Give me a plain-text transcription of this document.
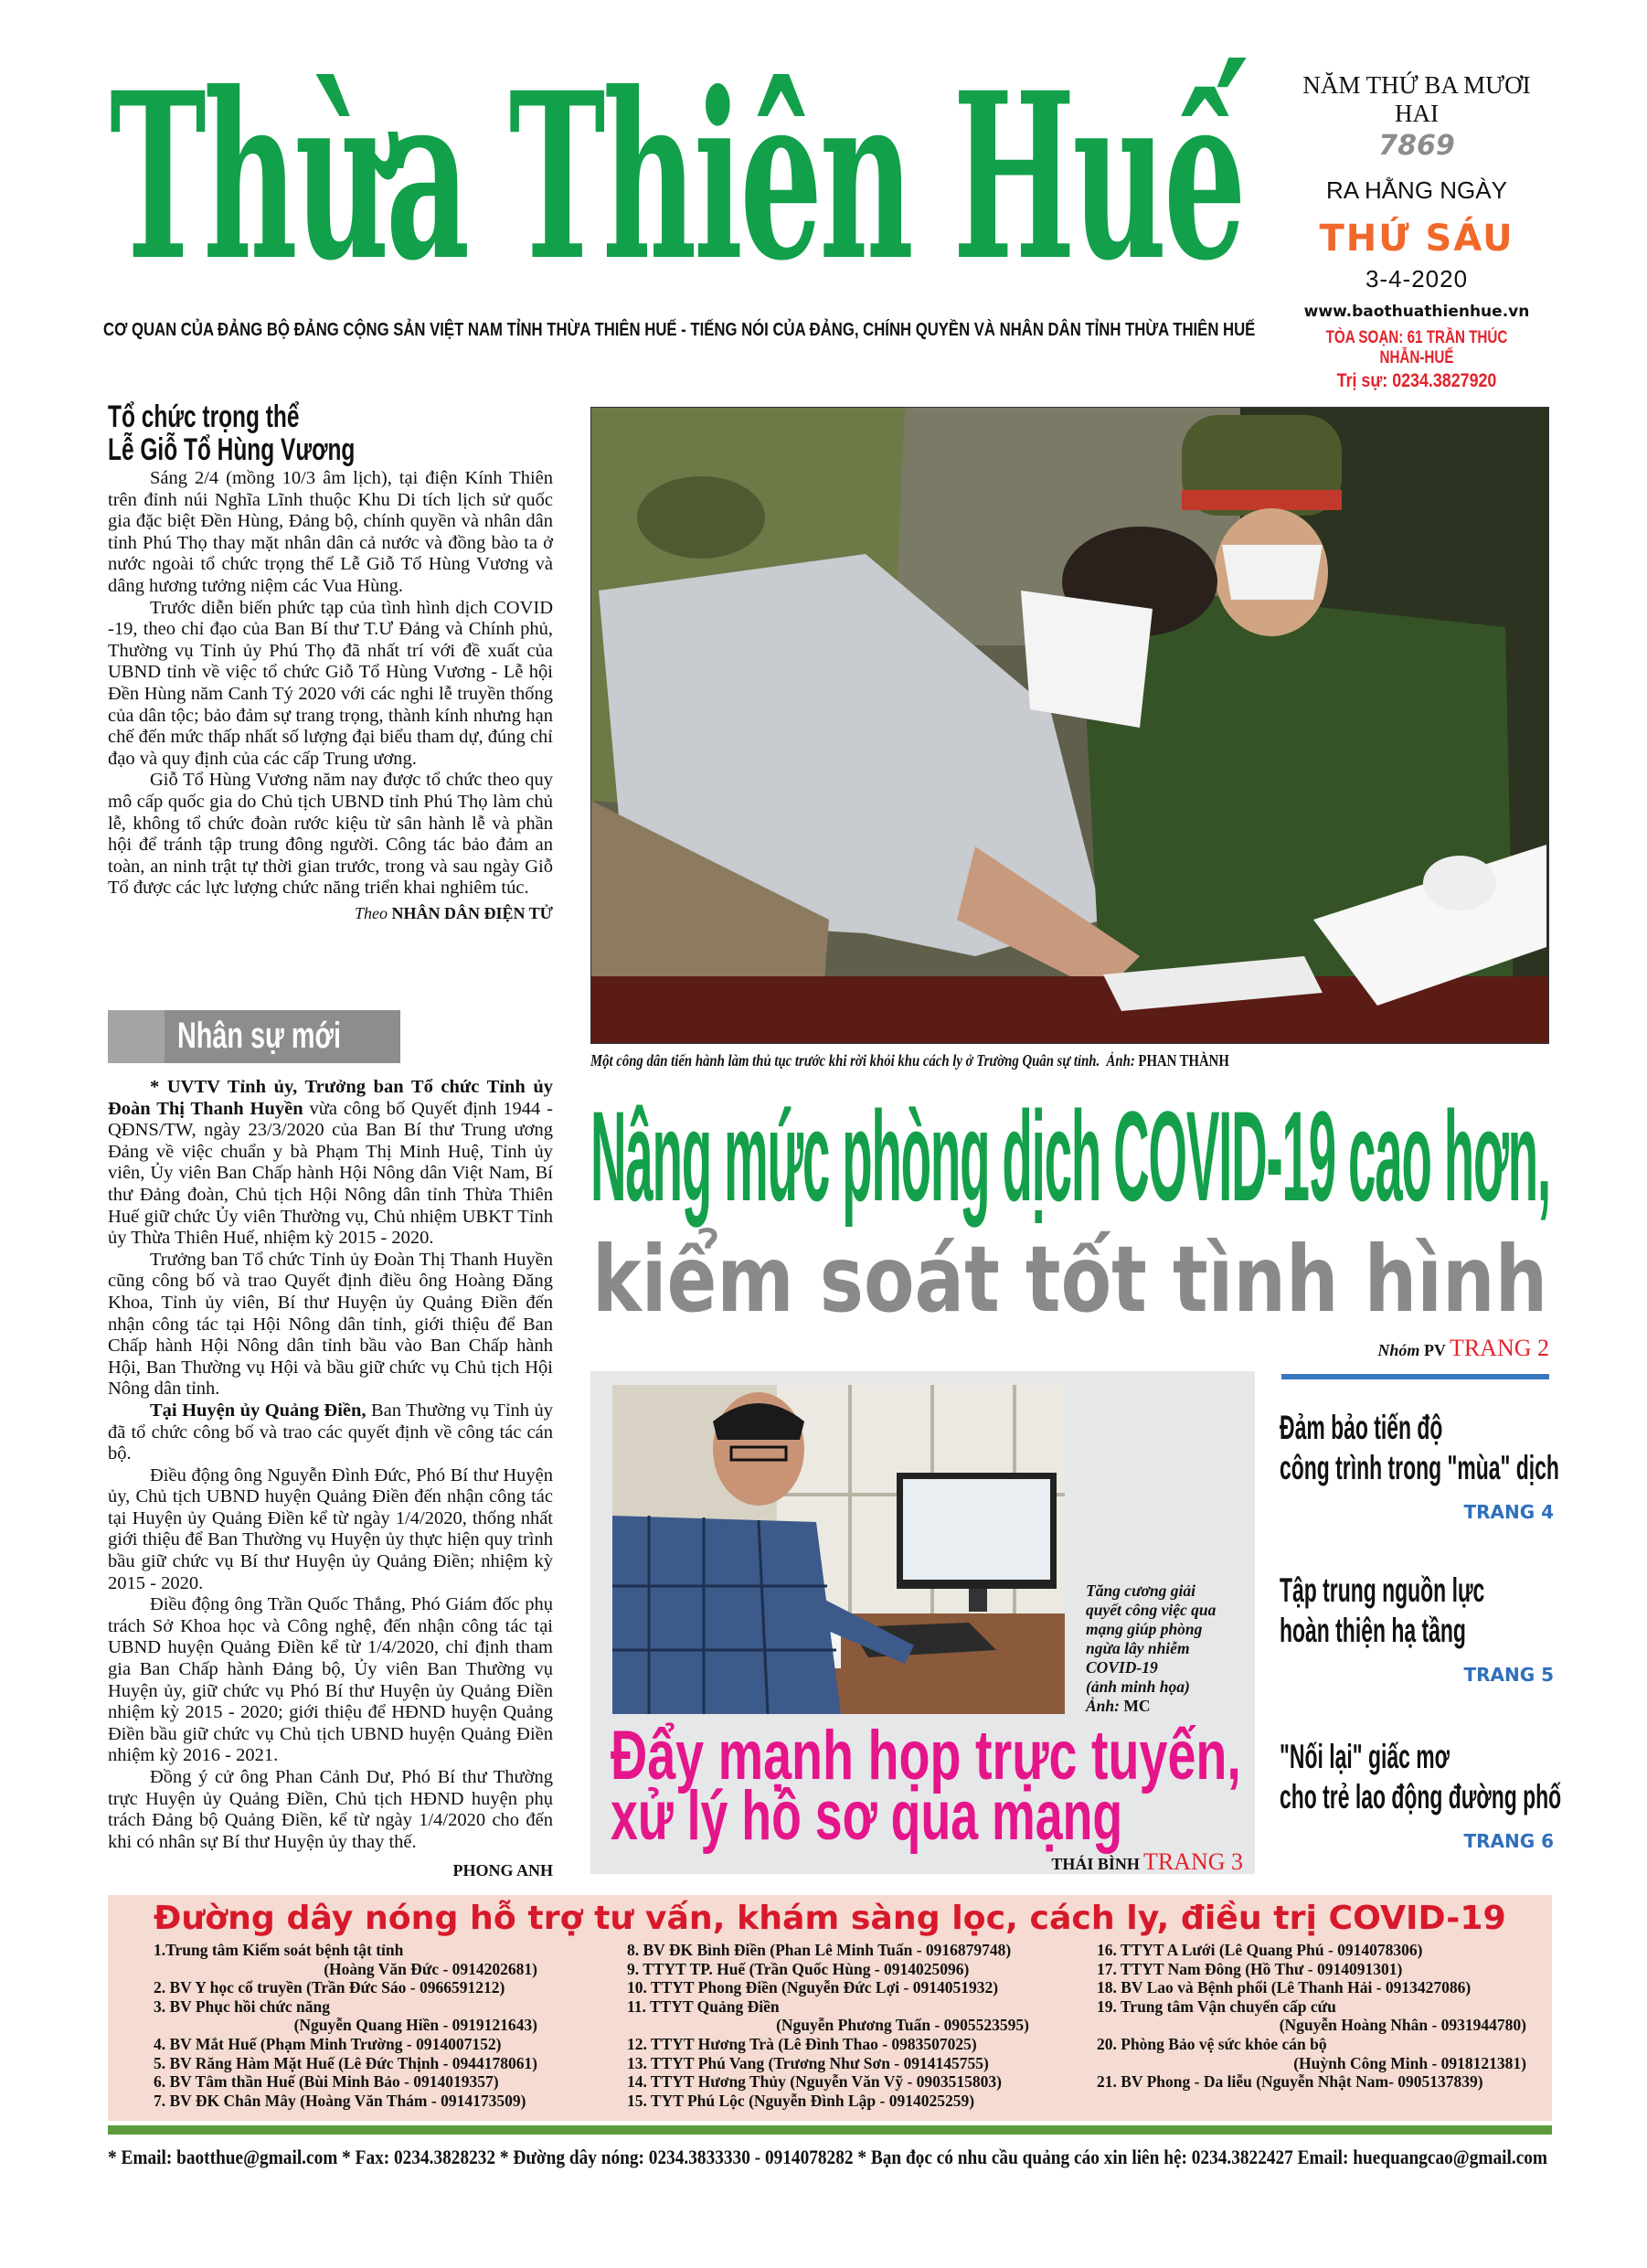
Thừa Thiên Huế	NĂM THỨ BA MƯƠI HAI
7869
RA HẰNG NGÀY
THỨ SÁU
3-4-2020
www.baothuathienhue.vn
TÒA SOẠN: 61 TRẦN THÚC NHẪN-HUẾ
Trị sự: 0234.3827920
CƠ QUAN CỦA ĐẢNG BỘ ĐẢNG CỘNG SẢN VIỆT NAM TỈNH THỪA THIÊN HUẾ - TIẾNG NÓI CỦA ĐẢNG, CHÍNH QUYỀN VÀ NHÂN DÂN TỈNH THỪA THIÊN HUẾ
Tổ chức trọng thể
Lễ Giỗ Tổ Hùng Vương

Sáng 2/4 (mồng 10/3 âm lịch), tại điện Kính Thiên trên đỉnh núi Nghĩa Lĩnh thuộc Khu Di tích lịch sử quốc gia đặc biệt Đền Hùng, Đảng bộ, chính quyền và nhân dân tỉnh Phú Thọ thay mặt nhân dân cả nước và đồng bào ta ở nước ngoài tổ chức trọng thể Lễ Giỗ Tổ Hùng Vương và dâng hương tưởng niệm các Vua Hùng.

Trước diễn biến phức tạp của tình hình dịch COVID -19, theo chỉ đạo của Ban Bí thư T.Ư Đảng và Chính phủ, Thường vụ Tỉnh ủy Phú Thọ đã nhất trí với đề xuất của UBND tỉnh về việc tổ chức Giỗ Tổ Hùng Vương - Lễ hội Đền Hùng năm Canh Tý 2020 với các nghi lễ truyền thống của dân tộc; bảo đảm sự trang trọng, thành kính nhưng hạn chế đến mức thấp nhất số lượng đại biểu tham dự, đúng chỉ đạo và quy định của các cấp Trung ương.

Giỗ Tổ Hùng Vương năm nay được tổ chức theo quy mô cấp quốc gia do Chủ tịch UBND tỉnh Phú Thọ làm chủ lễ, không tổ chức đoàn rước kiệu từ sân hành lễ và phần hội để tránh tập trung đông người. Công tác bảo đảm an toàn, an ninh trật tự thời gian trước, trong và sau ngày Giỗ Tổ được các lực lượng chức năng triển khai nghiêm túc.

Theo NHÂN DÂN ĐIỆN TỬ
Nhân sự mới

* UVTV Tỉnh ủy, Trưởng ban Tổ chức Tỉnh ủy Đoàn Thị Thanh Huyền vừa công bố Quyết định 1944 - QĐNS/TW, ngày 23/3/2020 của Ban Bí thư Trung ương Đảng về việc chuẩn y bà Phạm Thị Minh Huệ, Tỉnh ủy viên, Ủy viên Ban Chấp hành Hội Nông dân Việt Nam, Bí thư Đảng đoàn, Chủ tịch Hội Nông dân tỉnh Thừa Thiên Huế giữ chức Ủy viên Thường vụ, Chủ nhiệm UBKT Tỉnh ủy Thừa Thiên Huế, nhiệm kỳ 2015 - 2020.

Trưởng ban Tổ chức Tỉnh ủy Đoàn Thị Thanh Huyền cũng công bố và trao Quyết định điều ông Hoàng Đăng Khoa, Tỉnh ủy viên, Bí thư Huyện ủy Quảng Điền đến nhận công tác tại Hội Nông dân tỉnh, giới thiệu để Ban Chấp hành Hội Nông dân tỉnh bầu vào Ban Chấp hành Hội, Ban Thường vụ Hội và bầu giữ chức vụ Chủ tịch Hội Nông dân tỉnh.

Tại Huyện ủy Quảng Điền, Ban Thường vụ Tỉnh ủy đã tổ chức công bố và trao các quyết định về công tác cán bộ.

Điều động ông Nguyễn Đình Đức, Phó Bí thư Huyện ủy, Chủ tịch UBND huyện Quảng Điền đến nhận công tác tại Huyện ủy Quảng Điền kể từ ngày 1/4/2020, thống nhất giới thiệu để Ban Thường vụ Huyện ủy thực hiện quy trình bầu giữ chức vụ Bí thư Huyện ủy Quảng Điền; nhiệm kỳ 2015 - 2020.

Điều động ông Trần Quốc Thắng, Phó Giám đốc phụ trách Sở Khoa học và Công nghệ, đến nhận công tác tại UBND huyện Quảng Điền kể từ 1/4/2020, chỉ định tham gia Ban Chấp hành Đảng bộ, Ủy viên Ban Thường vụ Huyện ủy, giữ chức vụ Phó Bí thư Huyện ủy Quảng Điền nhiệm kỳ 2015 - 2020; giới thiệu để HĐND huyện Quảng Điền bầu giữ chức vụ Chủ tịch UBND huyện Quảng Điền nhiệm kỳ 2016 - 2021.

Đồng ý cử ông Phan Cảnh Dư, Phó Bí thư Thường trực Huyện ủy Quảng Điền, Chủ tịch HĐND huyện phụ trách Đảng bộ Quảng Điền, kể từ ngày 1/4/2020 cho đến khi có nhân sự Bí thư Huyện ủy thay thế.

PHONG ANH
Một công dân tiến hành làm thủ tục trước khi rời khỏi khu cách ly ở Trường Quân sự tỉnh. Ảnh: PHAN THÀNH
Nâng mức phòng dịch COVID-19 cao hơn,
kiểm soát tốt tình hình
Nhóm PV TRANG 2
Tăng cương giải
quyết công việc qua
mạng giúp phòng
ngừa lây nhiễm
COVID-19
(ảnh minh họa)
Ảnh: MC
Đẩy mạnh họp trực tuyến,
xử lý hồ sơ qua mạng
THÁI BÌNH TRANG 3
Đảm bảo tiến độ
công trình trong "mùa" dịch
TRANG 4
Tập trung nguồn lực
hoàn thiện hạ tầng
TRANG 5
"Nối lại" giấc mơ
cho trẻ lao động đường phố
TRANG 6
Đường dây nóng hỗ trợ tư vấn, khám sàng lọc, cách ly, điều trị COVID-19
1.Trung tâm Kiểm soát bệnh tật tỉnh
(Hoàng Văn Đức - 0914202681)
2. BV Y học cổ truyền (Trần Đức Sáo - 0966591212)
3. BV Phục hồi chức năng
(Nguyễn Quang Hiền - 0919121643)
4. BV Mắt Huế (Phạm Minh Trường - 0914007152)
5. BV Răng Hàm Mặt Huế (Lê Đức Thịnh - 0944178061)
6. BV Tâm thần Huế (Bùi Minh Bảo - 0914019357)
7. BV ĐK Chân Mây (Hoàng Văn Thám - 0914173509)
8. BV ĐK Bình Điền (Phan Lê Minh Tuấn - 0916879748)
9. TTYT TP. Huế (Trần Quốc Hùng - 0914025096)
10. TTYT Phong Điền (Nguyễn Đức Lợi - 0914051932)
11. TTYT Quảng Điền
(Nguyễn Phương Tuấn - 0905523595)
12. TTYT Hương Trà (Lê Đình Thao - 0983507025)
13. TTYT Phú Vang (Trương Như Sơn - 0914145755)
14. TTYT Hương Thủy (Nguyễn Văn Vỹ - 0903515803)
15. TYT Phú Lộc (Nguyễn Đình Lập - 0914025259)
16. TTYT A Lưới (Lê Quang Phú - 0914078306)
17. TTYT Nam Đông (Hồ Thư - 0914091301)
18. BV Lao và Bệnh phổi (Lê Thanh Hải - 0913427086)
19. Trung tâm Vận chuyển cấp cứu
(Nguyễn Hoàng Nhân - 0931944780)
20. Phòng Bảo vệ sức khỏe cán bộ
(Huỳnh Công Minh - 0918121381)
21. BV Phong - Da liễu (Nguyễn Nhật Nam- 0905137839)
* Email: baotthue@gmail.com * Fax: 0234.3828232 * Đường dây nóng: 0234.3833330 - 0914078282 * Bạn đọc có nhu cầu quảng cáo xin liên hệ: 0234.3822427 Email: huequangcao@gmail.com
